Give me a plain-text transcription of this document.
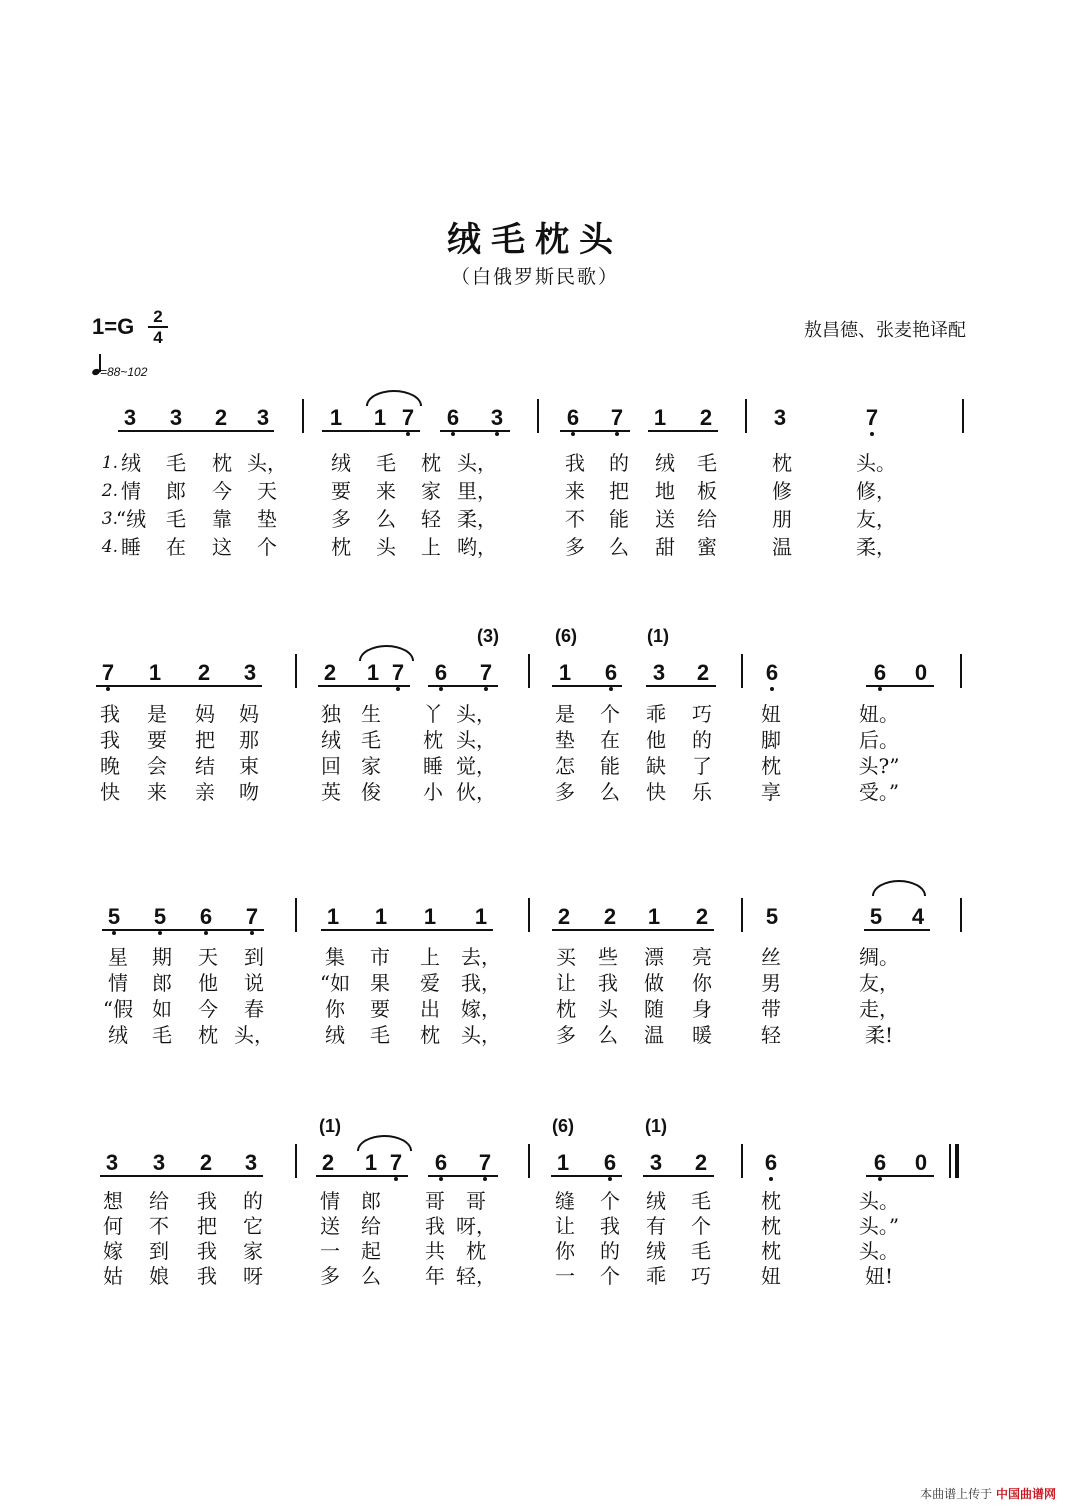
绒毛枕头
（白俄罗斯民歌）
1=G	2
4	敖昌德、张麦艳译配
=88~102
3 3 2 3	1 1 7 6 3	6 7 1 2	3	7
1. 绒	毛	枕 头，	绒	毛	枕 头，	我	的	绒	毛	枕	头。
2. 情	郎	今	天	要	来	家 里，	来	把	地	板	修	修，
3.
“绒 毛	靠	垫	多	么	轻 柔，	不	能	送	给	朋	友，
4. 睡	在	这	个	枕	头	上 哟，	多	么	甜	蜜	温	柔，
7 1 2 3	2 1 7 6 7	1 6 3 2	6	6 0
(3)	(6)	(1)
我	是	妈	妈	独	生	丫 头，	是	个	乖	巧	妞	妞。
我	要	把	那	绒	毛	枕 头，	垫	在	他	的	脚	后。
晚	会	结	束	回	家	睡 觉，	怎	能	缺	了	枕	头?”
快	来	亲	吻	英	俊	小 伙，	多	么	快	乐	享	受。”
5 5 6 7	1 1 1 1	2 2 1 2	5	5 4
星	期	天	到	集	市	上	去，	买	些	漂	亮	丝	绸。
情	郎	他	说	“如 果	爱	我，	让	我	做	你	男	友，
“假 如	今	春	你	要	出	嫁，	枕	头	随	身	带	走，
绒	毛	枕 头，	绒	毛	枕	头，	多	么	温	暖	轻	柔!
3 3 2 3	2 1 7 6 7	1 6 3 2	6	6 0
(1)	(6)	(1)
想	给	我	的	情	郎	哥	哥	缝	个	绒	毛	枕	头。
何	不	把	它	送	给	我 呀，	让	我	有	个	枕	头。”
嫁	到	我	家	一	起	共	枕	你	的	绒	毛	枕	头。
姑	娘	我	呀	多	么	年 轻，	一	个	乖	巧	妞	妞!
本曲谱上传于 中国曲谱网
